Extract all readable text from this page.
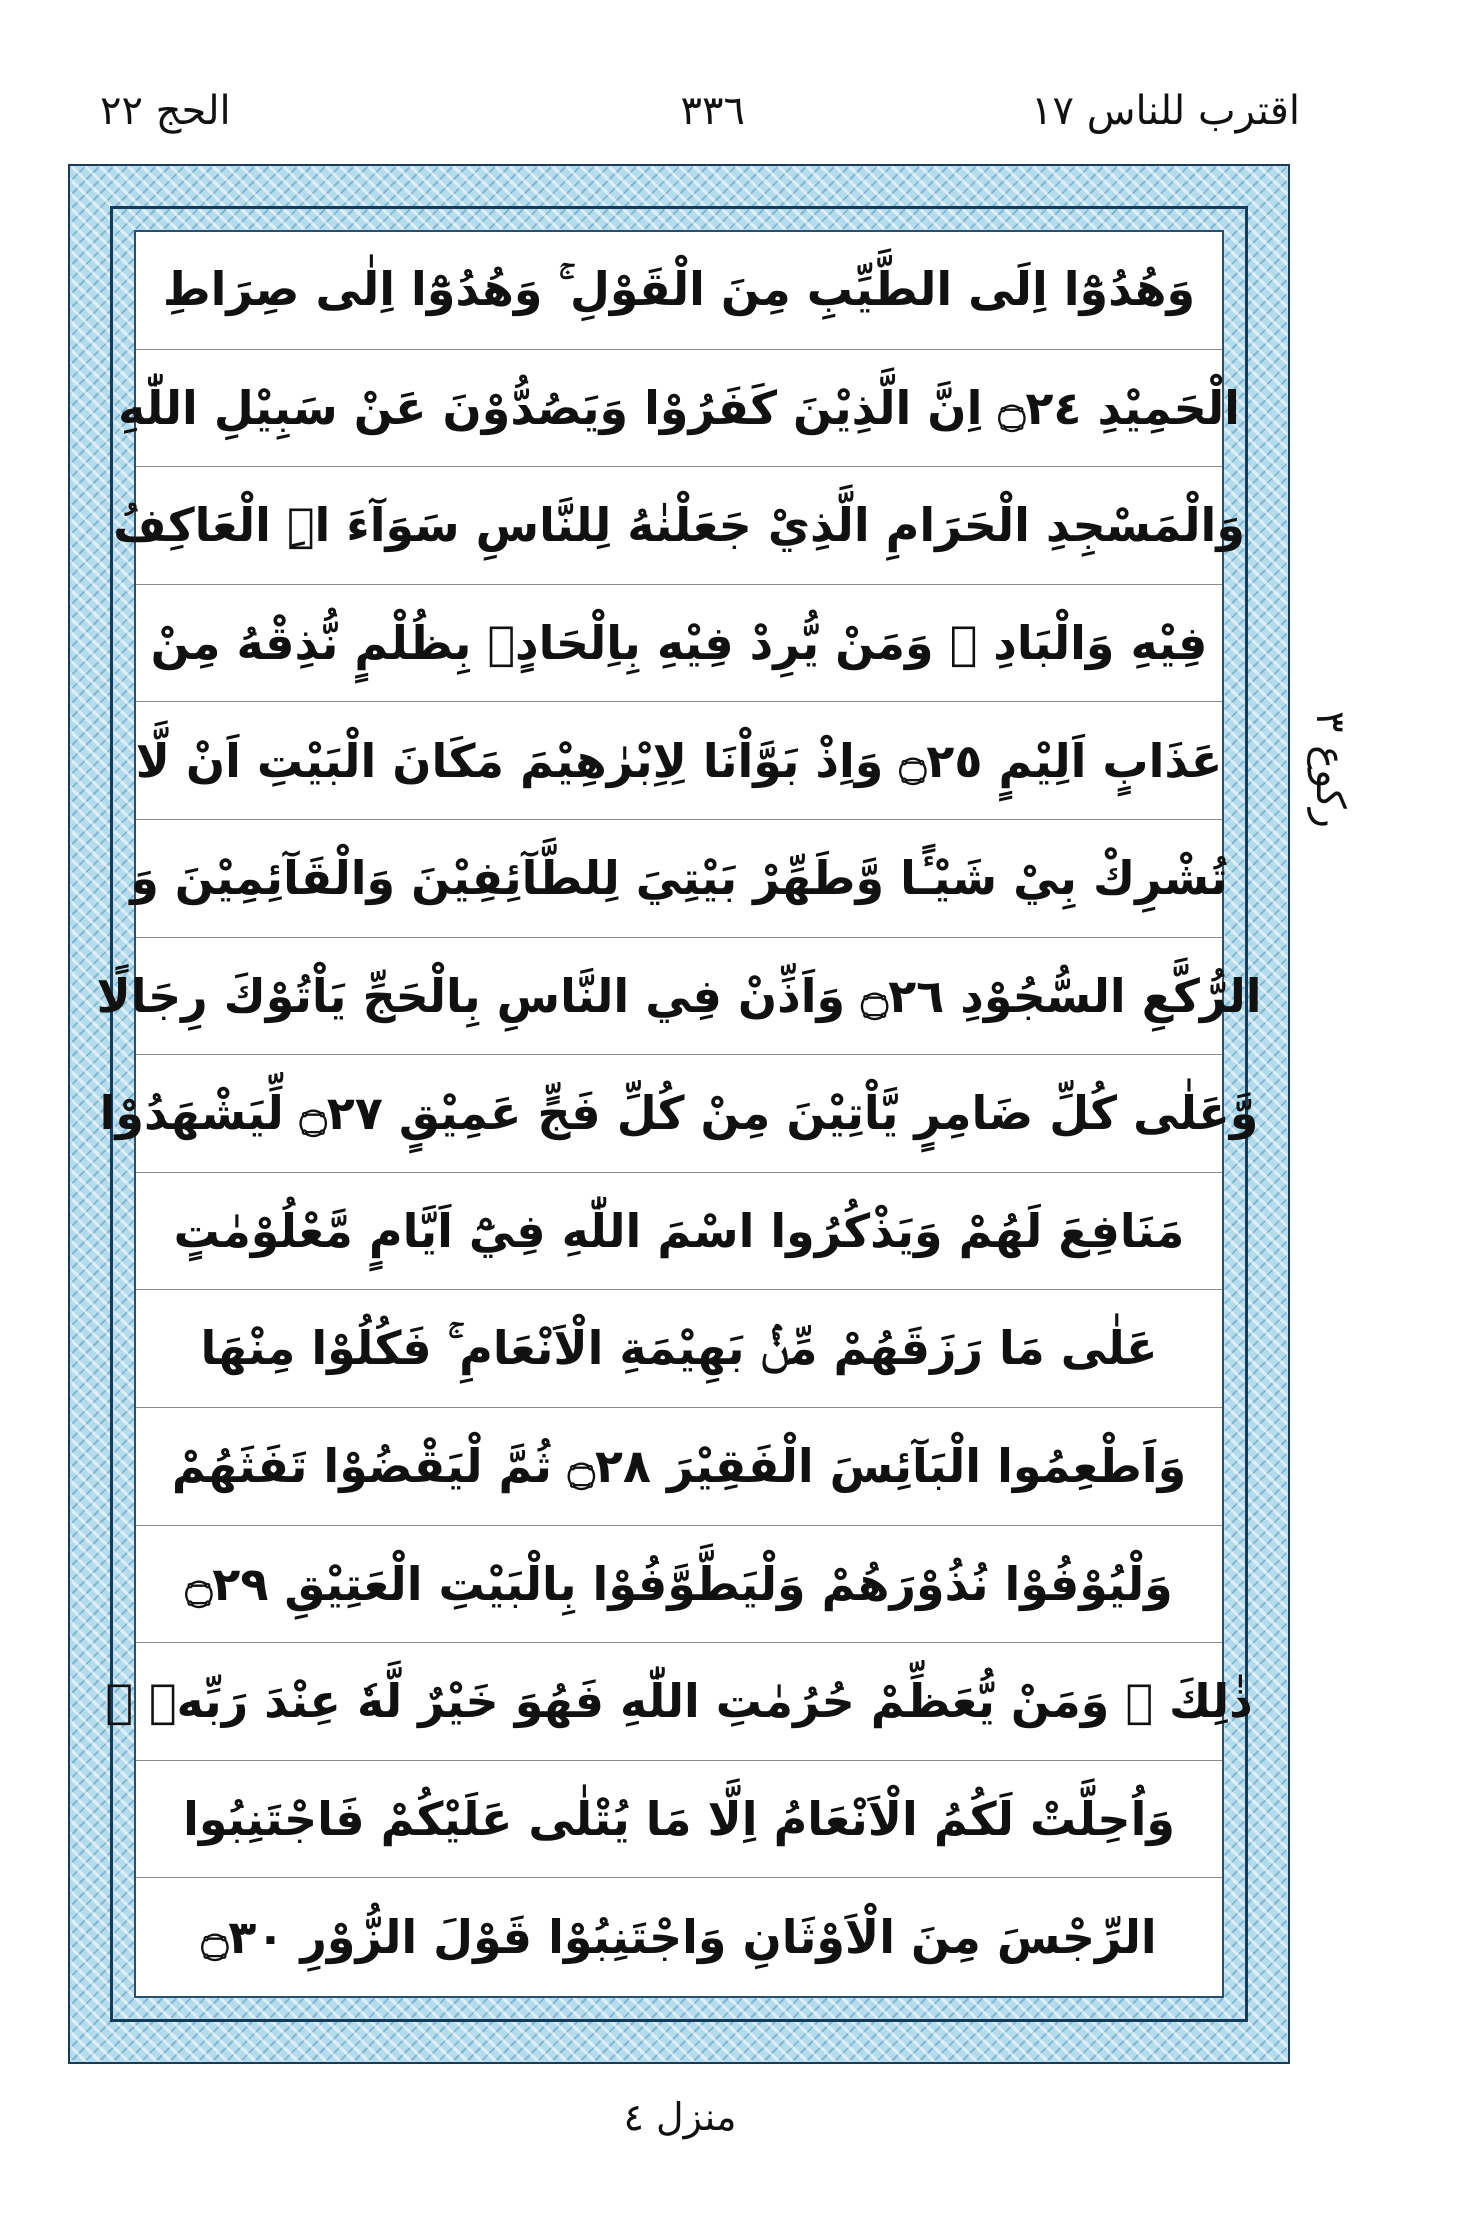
اقترب للناس ١٧
٣٣٦
الحج ٢٢
وَهُدُوْٓا اِلَى الطَّيِّبِ مِنَ الْقَوْلِ ۚ وَهُدُوْٓا اِلٰى صِرَاطِ
الْحَمِيْدِ ۝٢٤ اِنَّ الَّذِيْنَ كَفَرُوْا وَيَصُدُّوْنَ عَنْ سَبِيْلِ اللّٰهِ
وَالْمَسْجِدِ الْحَرَامِ الَّذِيْ جَعَلْنٰهُ لِلنَّاسِ سَوَآءَ اِۨ الْعَاكِفُ
فِيْهِ وَالْبَادِ ۭ وَمَنْ يُّرِدْ فِيْهِ بِاِلْحَادٍۢ بِظُلْمٍ نُّذِقْهُ مِنْ
عَذَابٍ اَلِيْمٍ ۝٢٥ وَاِذْ بَوَّاْنَا لِاِبْرٰهِيْمَ مَكَانَ الْبَيْتِ اَنْ لَّا
تُشْرِكْ بِيْ شَيْـًٔا وَّطَهِّرْ بَيْتِيَ لِلطَّآئِفِيْنَ وَالْقَآئِمِيْنَ وَ
الرُّكَّعِ السُّجُوْدِ ۝٢٦ وَاَذِّنْ فِي النَّاسِ بِالْحَجِّ يَاْتُوْكَ رِجَالًا
وَّعَلٰى كُلِّ ضَامِرٍ يَّاْتِيْنَ مِنْ كُلِّ فَجٍّ عَمِيْقٍ ۝٢٧ لِّيَشْهَدُوْا
مَنَافِعَ لَهُمْ وَيَذْكُرُوا اسْمَ اللّٰهِ فِيْٓ اَيَّامٍ مَّعْلُوْمٰتٍ
عَلٰى مَا رَزَقَهُمْ مِّنْۢ بَهِيْمَةِ الْاَنْعَامِ ۚ فَكُلُوْا مِنْهَا
وَاَطْعِمُوا الْبَآئِسَ الْفَقِيْرَ ۝٢٨ ثُمَّ لْيَقْضُوْا تَفَثَهُمْ
وَلْيُوْفُوْا نُذُوْرَهُمْ وَلْيَطَّوَّفُوْا بِالْبَيْتِ الْعَتِيْقِ ۝٢٩
ذٰلِكَ ۤ وَمَنْ يُّعَظِّمْ حُرُمٰتِ اللّٰهِ فَهُوَ خَيْرٌ لَّهٗ عِنْدَ رَبِّهٖ ۭ
وَاُحِلَّتْ لَكُمُ الْاَنْعَامُ اِلَّا مَا يُتْلٰى عَلَيْكُمْ فَاجْتَنِبُوا
الرِّجْسَ مِنَ الْاَوْثَانِ وَاجْتَنِبُوْا قَوْلَ الزُّوْرِ ۝٣٠
ركوع ٣
منزل ٤
